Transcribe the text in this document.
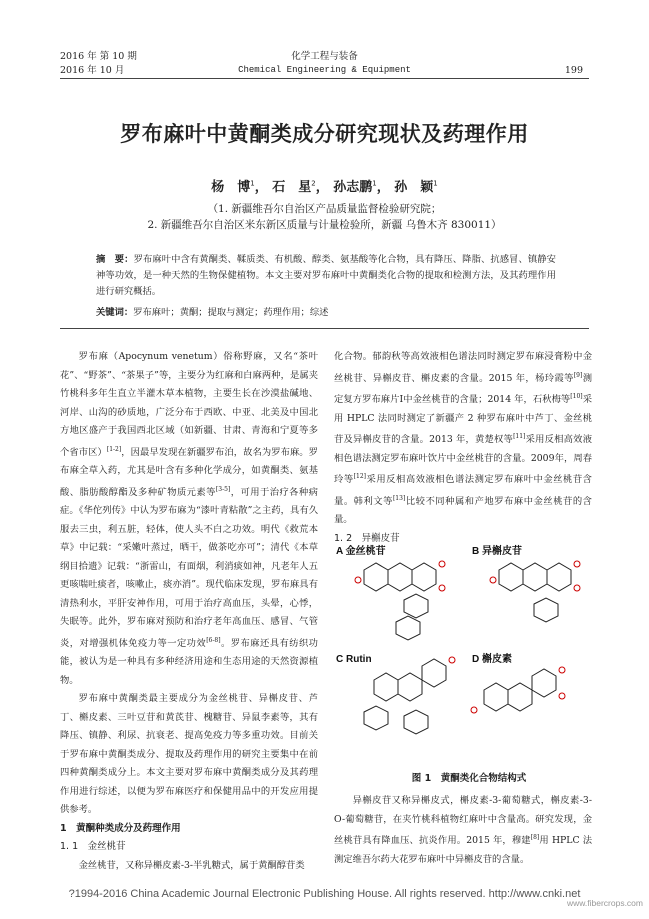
2016 年 第 10 期
2016 年 10 月
化学工程与装备
Chemical Engineering & Equipment	199
罗布麻叶中黄酮类成分研究现状及药理作用
杨　博$^1$， 石　星$^2$， 孙志鹏$^1$， 孙　颖$^1$
（1. 新疆维吾尔自治区产品质量监督检验研究院；
2. 新疆维吾尔自治区米东新区质量与计量检验所，新疆 乌鲁木齐 830011）
摘　要：罗布麻叶中含有黄酮类、鞣质类、有机酸、醇类、氨基酸等化合物，具有降压、降脂、抗感冒、镇静安神等功效，是一种天然的生物保健植物。本文主要对罗布麻叶中黄酮类化合物的提取和检测方法，及其药理作用进行研究概括。
关键词：罗布麻叶；黄酮；提取与测定；药理作用；综述

罗布麻（Apocynum venetum）俗称野麻，又名“茶叶花”、“野茶”、“茶果子”等，主要分为红麻和白麻两种，是属夹竹桃科多年生直立半灌木草本植物，主要生长在沙漠盐碱地、河岸、山沟的砂质地，广泛分布于西欧、中亚、北美及中国北方地区盛产于我国西北区域（如新疆、甘肃、青海和宁夏等多个省市区）[1-2]，因最早发现在新疆罗布泊，故名为罗布麻。罗布麻全草入药，尤其是叶含有多种化学成分，如黄酮类、氨基酸、脂肪酸醇酯及多种矿物质元素等[3-5]，可用于治疗各种病症。《华佗列传》中认为罗布麻为“漆叶青粘散”之主药，具有久服去三虫，利五脏，轻体，使人头不白之功效。明代《救荒本草》中记载：“采嫩叶蒸过，晒干，做茶吃亦可”；清代《本草纲目拾遗》记载：“浙雷山，有面烟，利消痰如神，凡老年人五更咳喘吐痰者，咳嗽止，痰亦消”。现代临床发现，罗布麻具有清热利水，平肝安神作用，可用于治疗高血压，头晕，心悸，失眠等。此外，罗布麻对预防和治疗老年高血压、感冒、气管炎，对增强机体免疫力等一定功效[6-8]。罗布麻还具有纺织功能，被认为是一种具有多种经济用途和生态用途的天然资源植物。

罗布麻中黄酮类最主要成分为金丝桃苷、异槲皮苷、芦丁、槲皮素、三叶豆苷和黄芪苷、槐糖苷、异鼠李素等，其有降压、镇静、利尿、抗衰老、提高免疫力等多重功效。目前关于罗布麻中黄酮类成分、提取及药理作用的研究主要集中在前四种黄酮类成分上。本文主要对罗布麻中黄酮类成分及其药理作用进行综述，以便为罗布麻医疗和保健用品中的开发应用提供参考。

1　黄酮种类成分及药理作用

1. 1　金丝桃苷

金丝桃苷，又称异槲皮素-3-半乳糖式，属于黄酮醇苷类

化合物。郁韵秋等高效液相色谱法同时测定罗布麻浸膏粉中金丝桃苷、异槲皮苷、槲皮素的含量。2015 年，杨玲霞等[9]测定复方罗布麻片Ⅰ中金丝桃苷的含量；2014 年，石秋梅等[10]采用 HPLC 法同时测定了新疆产 2 种罗布麻叶中芦丁、金丝桃苷及异槲皮苷的含量。2013 年，黄楚权等[11]采用反相高效液相色谱法测定罗布麻叶饮片中金丝桃苷的含量。2009年，周春玲等[12]采用反相高效液相色谱法测定罗布麻叶中金丝桃苷含量。韩利文等[13]比较不同种属和产地罗布麻中金丝桃苷的含量。

1. 2　异槲皮苷

A 金丝桃苷	B 异槲皮苷
C Rutin	D 槲皮素
图 1　 黄酮类化合物结构式

异槲皮苷又称异槲皮式，槲皮素-3-葡萄糖式，槲皮素-3-O-葡萄糖苷，在夹竹桃科植物红麻叶中含量高。研究发现，金丝桃苷具有降血压、抗炎作用。2015 年，穆建[8]用 HPLC 法测定维吾尔药大花罗布麻叶中异槲皮苷的含量。

?1994-2016 China Academic Journal Electronic Publishing House. All rights reserved. http://www.cnki.net
www.fibercrops.com
